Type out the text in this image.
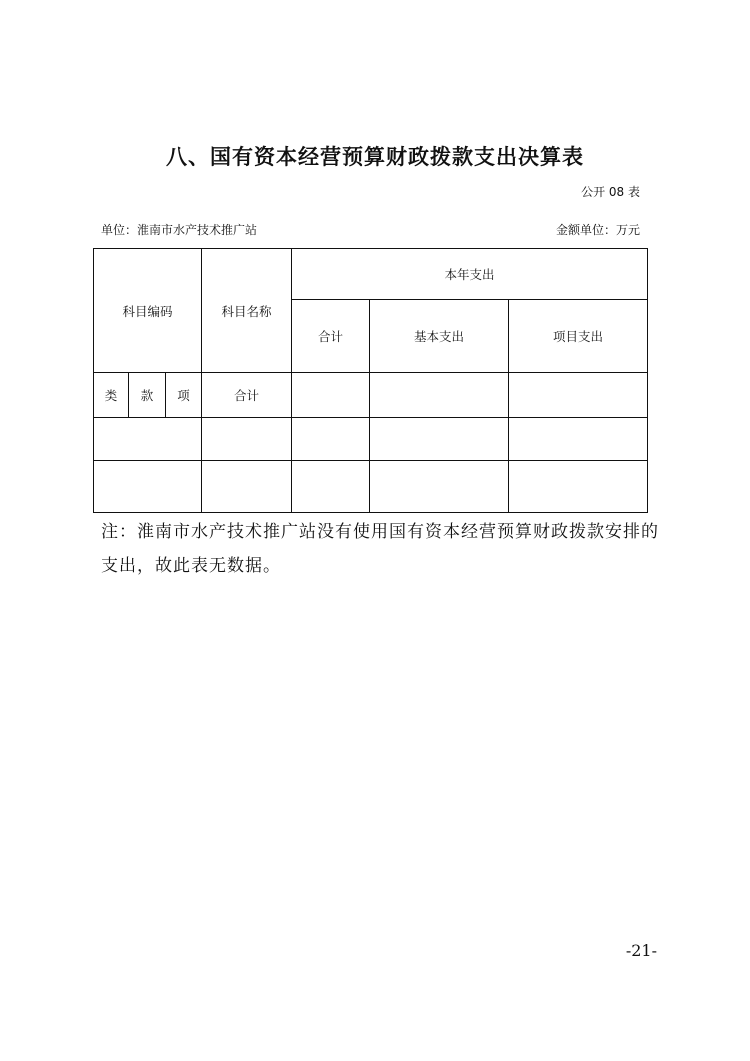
八、国有资本经营预算财政拨款支出决算表
公开 08 表
单位：淮南市水产技术推广站	金额单位：万元
科目编码			科目名称	本年支出		
				合计	基本支出	项目支出
类	款	项	合计			

注：淮南市水产技术推广站没有使用国有资本经营预算财政拨款安排的支出，故此表无数据。
-21-
